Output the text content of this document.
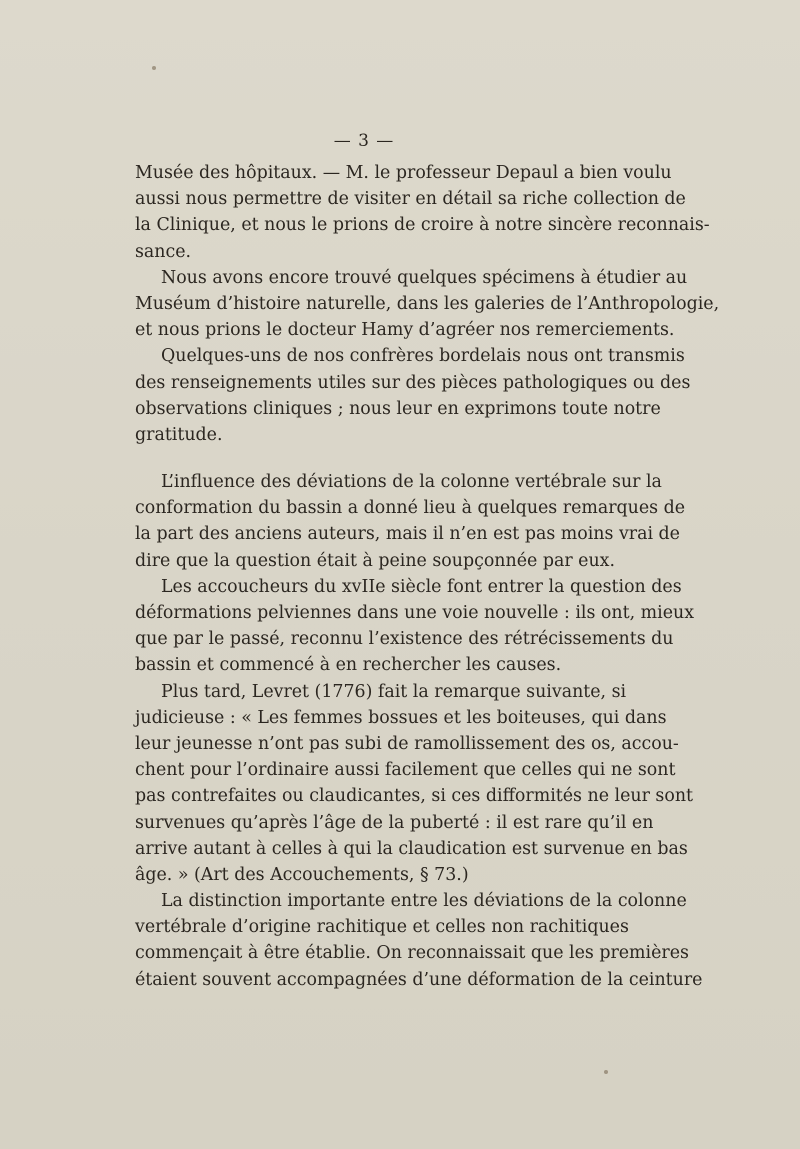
— 3 —
Musée des hôpitaux. — M. le professeur Depaul a bien voulu
aussi nous permettre de visiter en détail sa riche collection de
la Clinique, et nous le prions de croire à notre sincère reconnais-
sance.
Nous avons encore trouvé quelques spécimens à étudier au
Muséum d’histoire naturelle, dans les galeries de l’Anthropologie,
et nous prions le docteur Hamy d’agréer nos remerciements.
Quelques-uns de nos confrères bordelais nous ont transmis
des renseignements utiles sur des pièces pathologiques ou des
observations cliniques ; nous leur en exprimons toute notre
gratitude.
L’influence des déviations de la colonne vertébrale sur la
conformation du bassin a donné lieu à quelques remarques de
la part des anciens auteurs, mais il n’en est pas moins vrai de
dire que la question était à peine soupçonnée par eux.
Les accoucheurs du xvIIe siècle font entrer la question des
déformations pelviennes dans une voie nouvelle : ils ont, mieux
que par le passé, reconnu l’existence des rétrécissements du
bassin et commencé à en rechercher les causes.
Plus tard, Levret (1776) fait la remarque suivante, si
judicieuse : « Les femmes bossues et les boiteuses, qui dans
leur jeunesse n’ont pas subi de ramollissement des os, accou-
chent pour l’ordinaire aussi facilement que celles qui ne sont
pas contrefaites ou claudicantes, si ces difformités ne leur sont
survenues qu’après l’âge de la puberté : il est rare qu’il en
arrive autant à celles à qui la claudication est survenue en bas
âge. » (Art des Accouchements, § 73.)
La distinction importante entre les déviations de la colonne
vertébrale d’origine rachitique et celles non rachitiques
commençait à être établie. On reconnaissait que les premières
étaient souvent accompagnées d’une déformation de la ceinture
